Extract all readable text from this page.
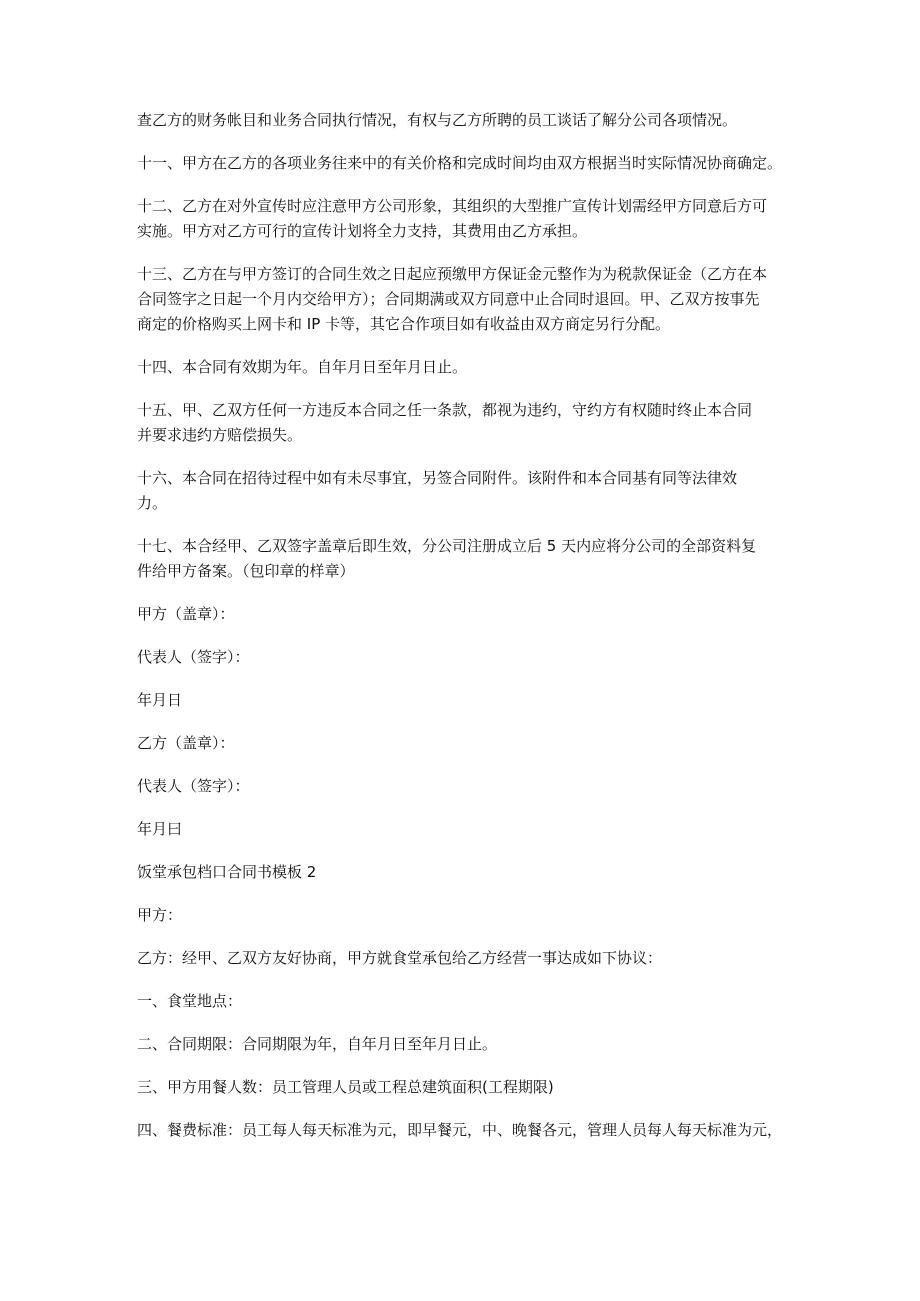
查乙方的财务帐目和业务合同执行情况，有权与乙方所聘的员工谈话了解分公司各项情况。

十一、甲方在乙方的各项业务往来中的有关价格和完成时间均由双方根据当时实际情况协商确定。

十二、乙方在对外宣传时应注意甲方公司形象，其组织的大型推广宣传计划需经甲方同意后方可
实施。甲方对乙方可行的宣传计划将全力支持，其费用由乙方承担。

十三、乙方在与甲方签订的合同生效之日起应预缴甲方保证金元整作为为税款保证金（乙方在本
合同签字之日起一个月内交给甲方）；合同期满或双方同意中止合同时退回。甲、乙双方按事先
商定的价格购买上网卡和 IP 卡等，其它合作项目如有收益由双方商定另行分配。

十四、本合同有效期为年。自年月日至年月日止。

十五、甲、乙双方任何一方违反本合同之任一条款，都视为违约，守约方有权随时终止本合同
并要求违约方赔偿损失。

十六、本合同在招待过程中如有未尽事宜，另签合同附件。该附件和本合同基有同等法律效
力。

十七、本合经甲、乙双签字盖章后即生效，分公司注册成立后 5 天内应将分公司的全部资料复
件给甲方备案。（包印章的样章）

甲方（盖章）：

代表人（签字）：

年月日

乙方（盖章）：

代表人（签字）：

年月曰

饭堂承包档口合同书模板 2

甲方：

乙方：经甲、乙双方友好协商，甲方就食堂承包给乙方经营一事达成如下协议：

一、食堂地点：

二、合同期限：合同期限为年，自年月日至年月日止。

三、甲方用餐人数：员工管理人员或工程总建筑面积(工程期限)

四、餐费标准：员工每人每天标准为元，即早餐元，中、晚餐各元，管理人员每人每天标准为元，
